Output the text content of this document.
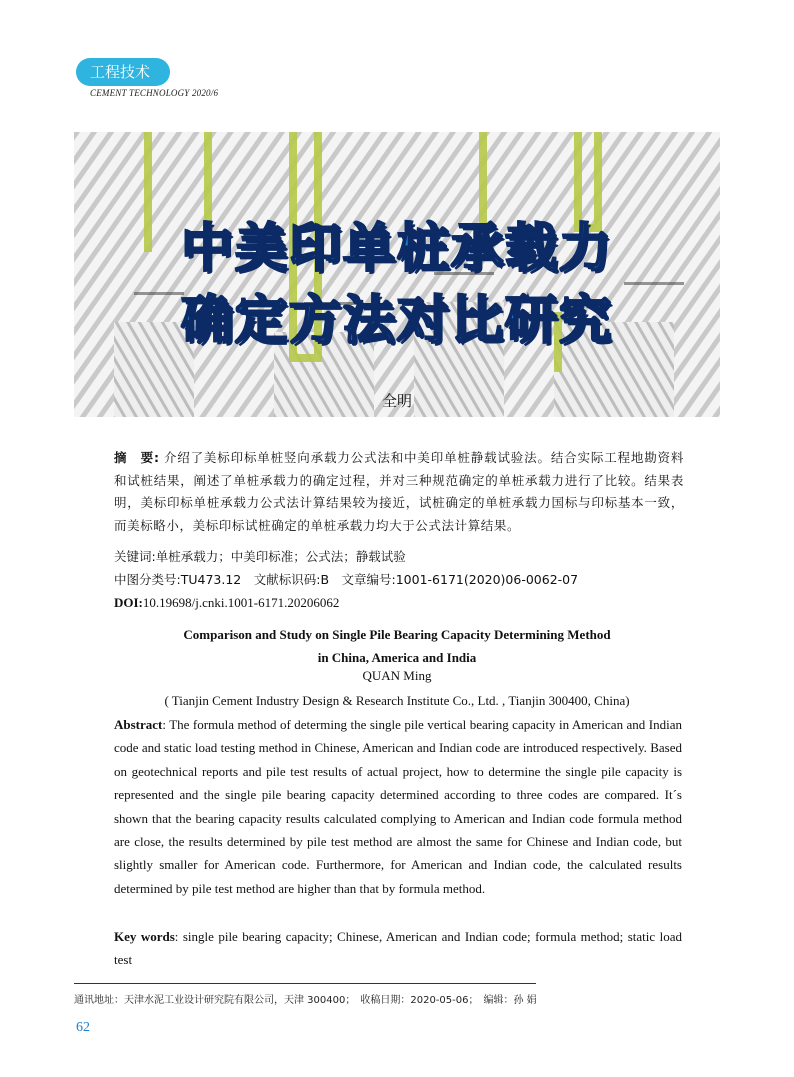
工程技术
CEMENT TECHNOLOGY 2020/6
中美印单桩承载力
确定方法对比研究
全明
摘　要: 介绍了美标印标单桩竖向承载力公式法和中美印单桩静载试验法。结合实际工程地勘资料和试桩结果，阐述了单桩承载力的确定过程，并对三种规范确定的单桩承载力进行了比较。结果表明，美标印标单桩承载力公式法计算结果较为接近，试桩确定的单桩承载力国标与印标基本一致，而美标略小，美标印标试桩确定的单桩承载力均大于公式法计算结果。
关键词:单桩承载力；中美印标准；公式法；静载试验
中图分类号:TU473.12　文献标识码:B　文章编号:1001-6171(2020)06-0062-07
DOI:10.19698/j.cnki.1001-6171.20206062
Comparison and Study on Single Pile Bearing Capacity Determining Method
in China, America and India
QUAN Ming
( Tianjin Cement Industry Design & Research Institute Co., Ltd. , Tianjin 300400, China)
Abstract: The formula method of determing the single pile vertical bearing capacity in American and Indian code and static load testing method in Chinese, American and Indian code are introduced respectively. Based on geotechnical reports and pile test results of actual project, how to determine the single pile capacity is represented and the single pile bearing capacity determined according to three codes are compared. It´s shown that the bearing capacity results calculated complying to American and Indian code formula method are close, the results determined by pile test method are almost the same for Chinese and Indian code, but slightly smaller for American code. Furthermore, for American and Indian code, the calculated results determined by pile test method are higher than that by formula method.
Key words: single pile bearing capacity; Chinese, American and Indian code; formula method; static load test
通讯地址：天津水泥工业设计研究院有限公司，天津 300400；　收稿日期：2020-05-06；　编辑：孙 娟
62
